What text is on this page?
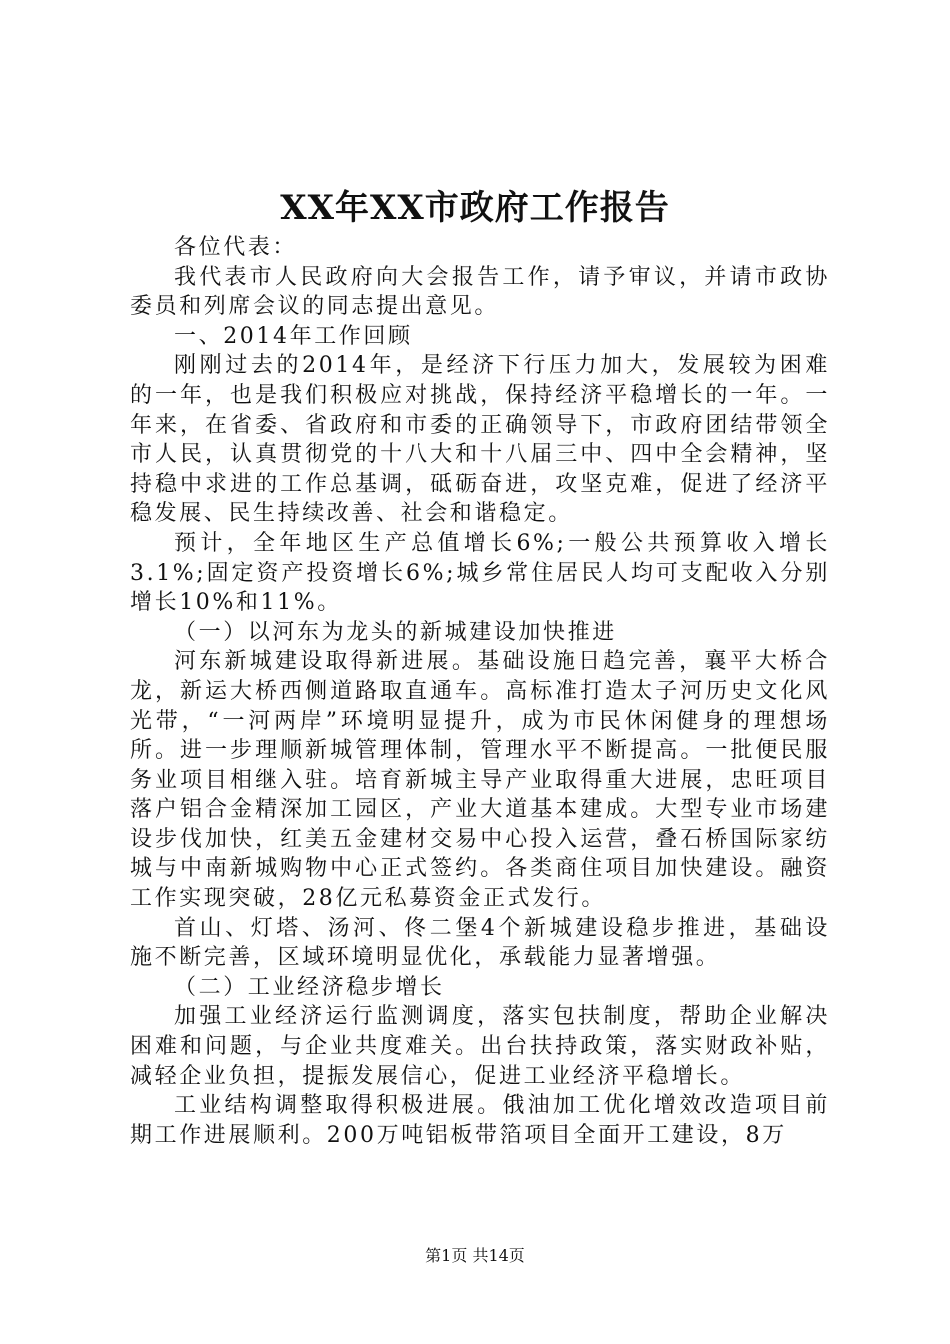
XX年XX市政府工作报告

各位代表：

我代表市人民政府向大会报告工作，请予审议，并请市政协委员和列席会议的同志提出意见。

一、2014年工作回顾

刚刚过去的2014年，是经济下行压力加大，发展较为困难的一年，也是我们积极应对挑战，保持经济平稳增长的一年。一年来，在省委、省政府和市委的正确领导下，市政府团结带领全市人民，认真贯彻党的十八大和十八届三中、四中全会精神，坚持稳中求进的工作总基调，砥砺奋进，攻坚克难，促进了经济平稳发展、民生持续改善、社会和谐稳定。

预计，全年地区生产总值增长6%;一般公共预算收入增长3.1%;固定资产投资增长6%;城乡常住居民人均可支配收入分别增长10%和11%。

（一）以河东为龙头的新城建设加快推进

河东新城建设取得新进展。基础设施日趋完善，襄平大桥合龙，新运大桥西侧道路取直通车。高标准打造太子河历史文化风光带，“一河两岸”环境明显提升，成为市民休闲健身的理想场所。进一步理顺新城管理体制，管理水平不断提高。一批便民服务业项目相继入驻。培育新城主导产业取得重大进展，忠旺项目落户铝合金精深加工园区，产业大道基本建成。大型专业市场建设步伐加快，红美五金建材交易中心投入运营，叠石桥国际家纺城与中南新城购物中心正式签约。各类商住项目加快建设。融资工作实现突破，28亿元私募资金正式发行。

首山、灯塔、汤河、佟二堡4个新城建设稳步推进，基础设施不断完善，区域环境明显优化，承载能力显著增强。

（二）工业经济稳步增长

加强工业经济运行监测调度，落实包扶制度，帮助企业解决困难和问题，与企业共度难关。出台扶持政策，落实财政补贴，减轻企业负担，提振发展信心，促进工业经济平稳增长。

工业结构调整取得积极进展。俄油加工优化增效改造项目前期工作进展顺利。200万吨铝板带箔项目全面开工建设，8万

第1页 共14页
